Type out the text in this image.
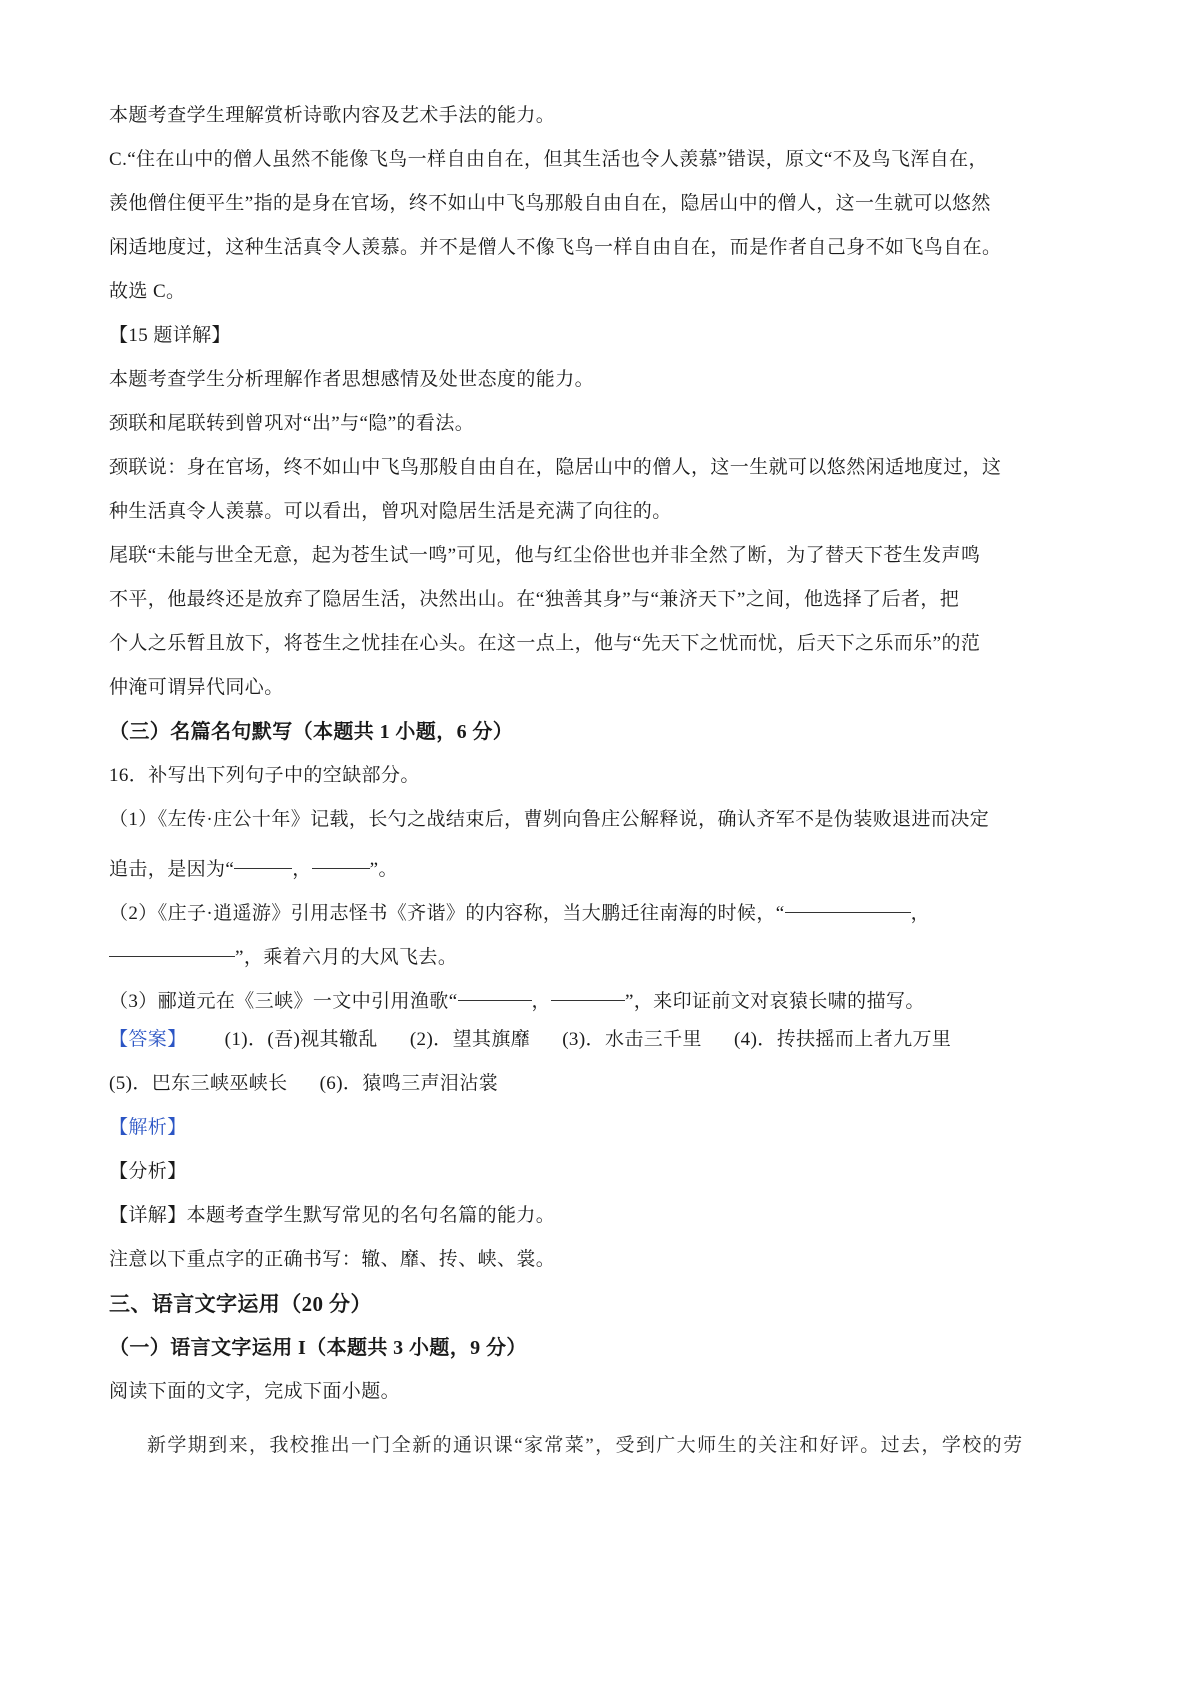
本题考查学生理解赏析诗歌内容及艺术手法的能力。
C.“住在山中的僧人虽然不能像飞鸟一样自由自在，但其生活也令人羡慕”错误，原文“不及鸟飞浑自在，
羡他僧住便平生”指的是身在官场，终不如山中飞鸟那般自由自在，隐居山中的僧人，这一生就可以悠然
闲适地度过，这种生活真令人羡慕。并不是僧人不像飞鸟一样自由自在，而是作者自己身不如飞鸟自在。
故选 C。
【15 题详解】
本题考查学生分析理解作者思想感情及处世态度的能力。
颈联和尾联转到曾巩对“出”与“隐”的看法。
颈联说：身在官场，终不如山中飞鸟那般自由自在，隐居山中的僧人，这一生就可以悠然闲适地度过，这
种生活真令人羡慕。可以看出，曾巩对隐居生活是充满了向往的。
尾联“未能与世全无意，起为苍生试一鸣”可见，他与红尘俗世也并非全然了断，为了替天下苍生发声鸣
不平，他最终还是放弃了隐居生活，决然出山。在“独善其身”与“兼济天下”之间，他选择了后者，把
个人之乐暂且放下，将苍生之忧挂在心头。在这一点上，他与“先天下之忧而忧，后天下之乐而乐”的范
仲淹可谓异代同心。
（三）名篇名句默写（本题共 1 小题，6 分）
16．补写出下列句子中的空缺部分。
（1）《左传·庄公十年》记载，长勺之战结束后，曹刿向鲁庄公解释说，确认齐军不是伪装败退进而决定
追击，是因为“	，	”。
（2）《庄子·逍遥游》引用志怪书《齐谐》的内容称，当大鹏迁往南海的时候，“	，
”，乘着六月的大风飞去。
（3）郦道元在《三峡》一文中引用渔歌“	，	”，来印证前文对哀猿长啸的描写。
【答案】 (1)．(吾)视其辙乱 (2)．望其旗靡 (3)．水击三千里 (4)．抟扶摇而上者九万里
(5)．巴东三峡巫峡长 (6)．猿鸣三声泪沾裳
【解析】
【分析】
【详解】本题考查学生默写常见的名句名篇的能力。
注意以下重点字的正确书写：辙、靡、抟、峡、裳。
三、语言文字运用（20 分）
（一）语言文字运用 I（本题共 3 小题，9 分）
阅读下面的文字，完成下面小题。
新学期到来，我校推出一门全新的通识课“家常菜”，受到广大师生的关注和好评。过去，学校的劳
